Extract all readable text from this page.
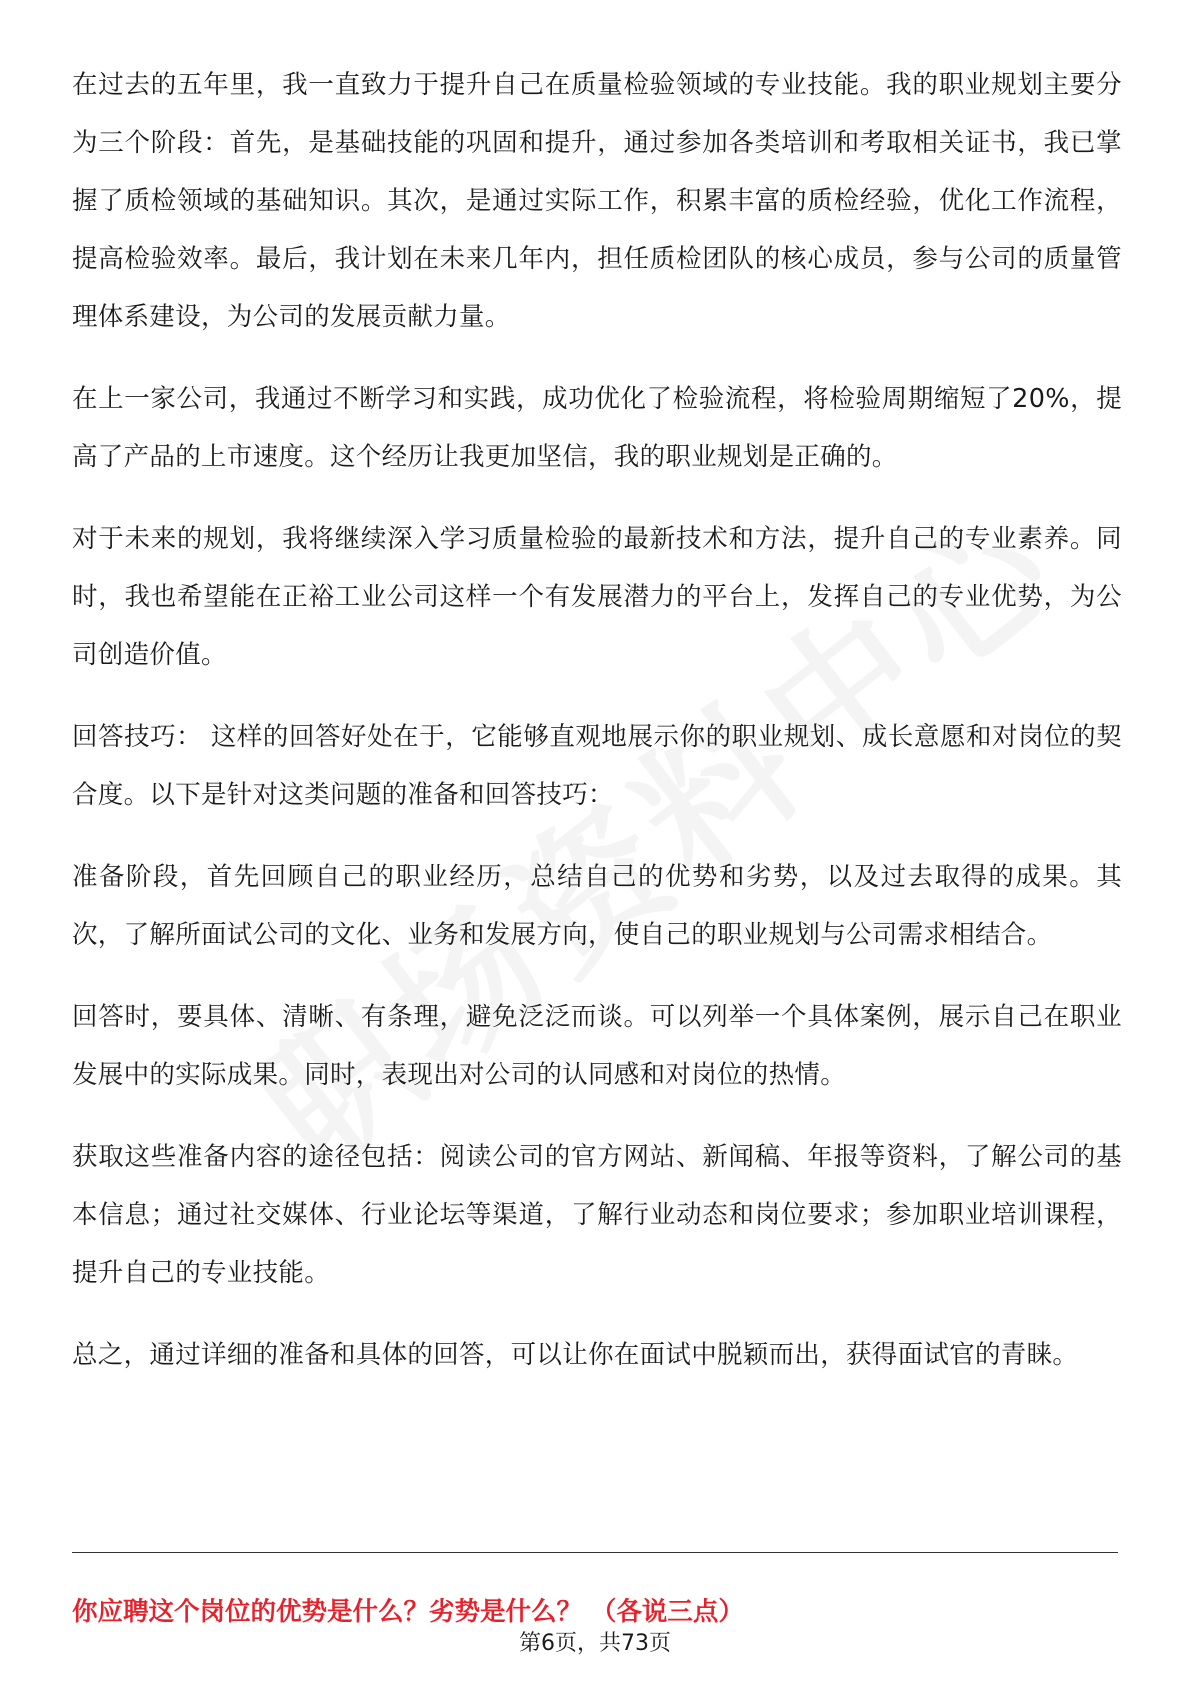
在过去的五年里，我一直致力于提升自己在质量检验领域的专业技能。我的职业规划主要分为三个阶段：首先，是基础技能的巩固和提升，通过参加各类培训和考取相关证书，我已掌握了质检领域的基础知识。其次，是通过实际工作，积累丰富的质检经验，优化工作流程，提高检验效率。最后，我计划在未来几年内，担任质检团队的核心成员，参与公司的质量管理体系建设，为公司的发展贡献力量。

在上一家公司，我通过不断学习和实践，成功优化了检验流程，将检验周期缩短了20%，提高了产品的上市速度。这个经历让我更加坚信，我的职业规划是正确的。

对于未来的规划，我将继续深入学习质量检验的最新技术和方法，提升自己的专业素养。同时，我也希望能在正裕工业公司这样一个有发展潜力的平台上，发挥自己的专业优势，为公司创造价值。

回答技巧： 这样的回答好处在于，它能够直观地展示你的职业规划、成长意愿和对岗位的契合度。以下是针对这类问题的准备和回答技巧：

准备阶段，首先回顾自己的职业经历，总结自己的优势和劣势，以及过去取得的成果。其次，了解所面试公司的文化、业务和发展方向，使自己的职业规划与公司需求相结合。

回答时，要具体、清晰、有条理，避免泛泛而谈。可以列举一个具体案例，展示自己在职业发展中的实际成果。同时，表现出对公司的认同感和对岗位的热情。

获取这些准备内容的途径包括：阅读公司的官方网站、新闻稿、年报等资料，了解公司的基本信息；通过社交媒体、行业论坛等渠道，了解行业动态和岗位要求；参加职业培训课程，提升自己的专业技能。

总之，通过详细的准备和具体的回答，可以让你在面试中脱颖而出，获得面试官的青睐。

你应聘这个岗位的优势是什么？劣势是什么？ （各说三点）
第6页，共73页
